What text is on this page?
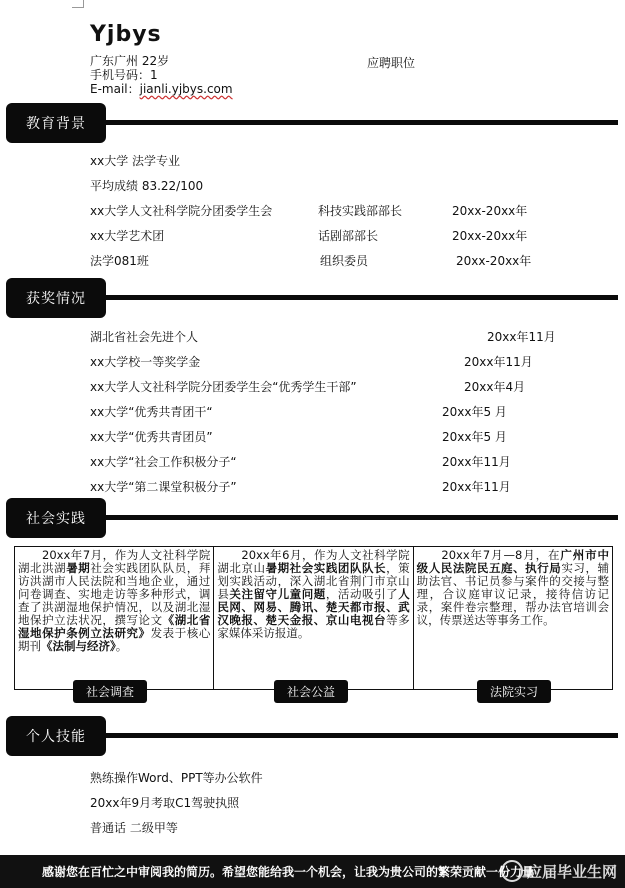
Yjbys
广东广州 22岁	应聘职位
手机号码：1
E-mail：jianli.yjbys.com
教育背景
xx大学 法学专业
平均成绩 83.22/100
xx大学人文社科学院分团委学生会	科技实践部部长	20xx-20xx年
xx大学艺术团	话剧部部长	20xx-20xx年
法学081班	组织委员	20xx-20xx年
获奖情况
湖北省社会先进个人	20xx年11月
xx大学校一等奖学金	20xx年11月
xx大学人文社科学院分团委学生会“优秀学生干部”	20xx年4月
xx大学“优秀共青团干“	20xx年5 月
xx大学“优秀共青团员”	20xx年5 月
xx大学“社会工作积极分子“	20xx年11月
xx大学“第二课堂积极分子”	20xx年11月
社会实践
　　20xx年7月，作为人文社科学院湖北洪湖暑期社会实践团队队员，拜访洪湖市人民法院和当地企业，通过问卷调查、实地走访等多种形式，调查了洪湖湿地保护情况，以及湖北湿地保护立法状况，撰写论文《湖北省湿地保护条例立法研究》发表于核心期刊《法制与经济》。
　　20xx年6月，作为人文社科学院湖北京山暑期社会实践团队队长，策划实践活动，深入湖北省荆门市京山县关注留守儿童问题，活动吸引了人民网、网易、腾讯、楚天都市报、武汉晚报、楚天金报、京山电视台等多家媒体采访报道。
　　20xx年7月—8月，在广州市中级人民法院民五庭、执行局实习，辅助法官、书记员参与案件的交接与整理，合议庭审议记录，接待信访记录，案件卷宗整理，帮办法官培训会议，传票送达等事务工作。
社会调查	社会公益	法院实习
个人技能
熟练操作Word、PPT等办公软件
20xx年9月考取C1驾驶执照
普通话 二级甲等
感谢您在百忙之中审阅我的简历。希望您能给我一个机会，让我为贵公司的繁荣贡献一份力量
应届毕业生网
